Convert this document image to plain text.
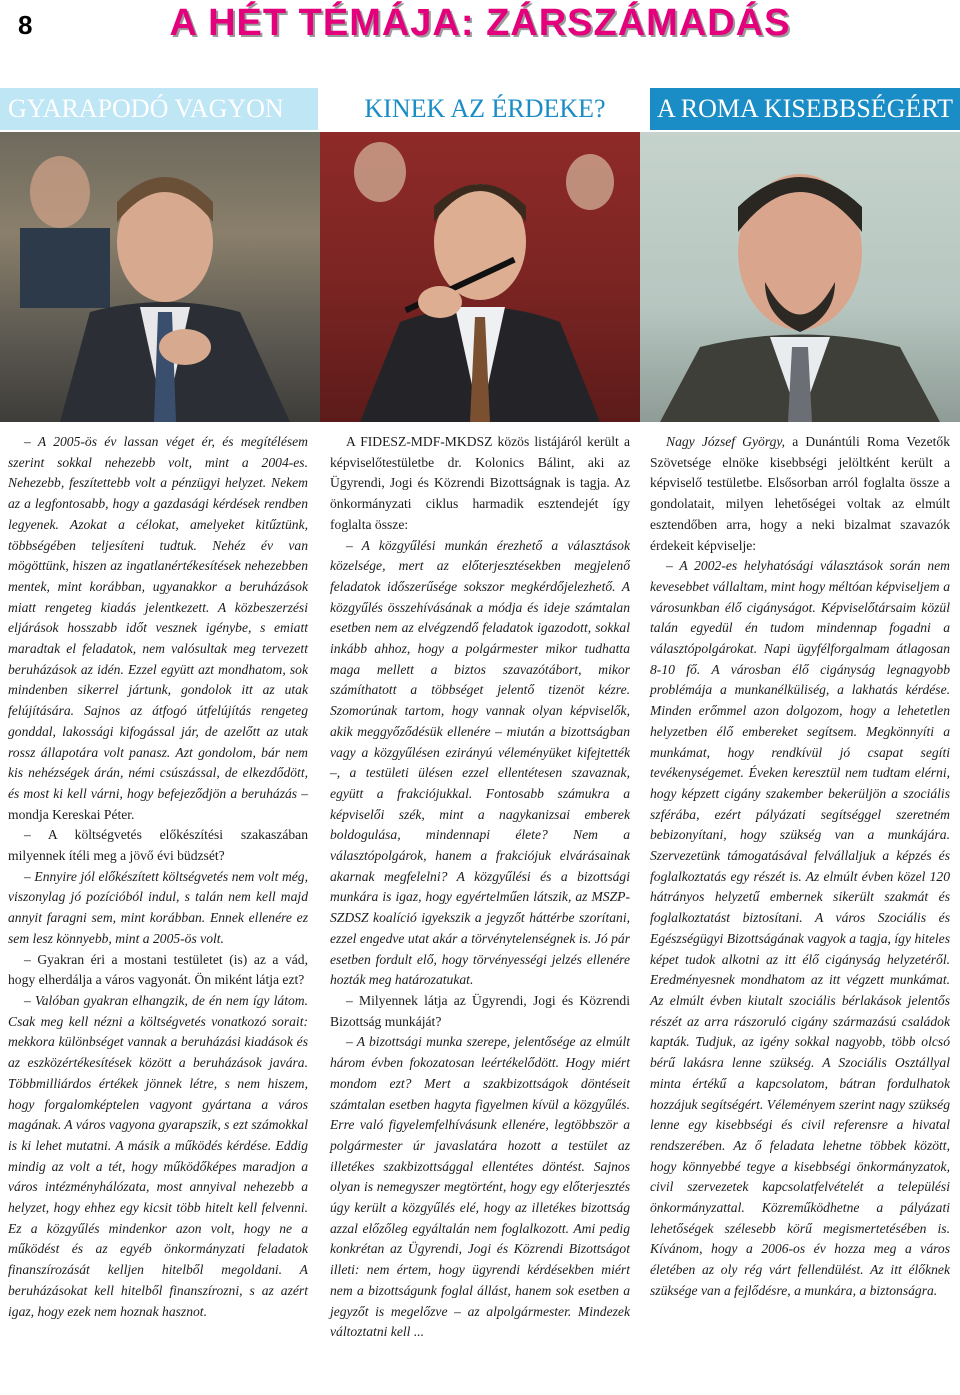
8	A HÉT TÉMÁJA: ZÁRSZÁMADÁS
GYARAPODÓ VAGYON	KINEK AZ ÉRDEKE?	A ROMA KISEBBSÉGÉRT

– A 2005-ös év lassan véget ér, és megítélésem szerint sokkal nehezebb volt, mint a 2004-es. Nehezebb, feszítettebb volt a pénzügyi helyzet. Nekem az a legfontosabb, hogy a gazdasági kérdések rendben legyenek. Azokat a célokat, amelyeket kitűztünk, többségében teljesíteni tudtuk. Nehéz év van mögöttünk, hiszen az ingatlanértékesítések nehezebben mentek, mint korábban, ugyanakkor a beruházások miatt rengeteg kiadás jelentkezett. A közbeszerzési eljárások hosszabb időt vesznek igénybe, s emiatt maradtak el feladatok, nem valósultak meg tervezett beruházások az idén. Ezzel együtt azt mondhatom, sok mindenben sikerrel jártunk, gondolok itt az utak felújítására. Sajnos az átfogó útfelújítás rengeteg gonddal, lakossági kifogással jár, de azelőtt az utak rossz állapotára volt panasz. Azt gondolom, bár nem kis nehézségek árán, némi csúszással, de elkezdődött, és most ki kell várni, hogy befejeződjön a beruházás – mondja Kereskai Péter.

– A költségvetés előkészítési szakaszában milyennek ítéli meg a jövő évi büdzsét?

– Ennyire jól előkészített költségvetés nem volt még, viszonylag jó pozícióból indul, s talán nem kell majd annyit faragni sem, mint korábban. Ennek ellenére ez sem lesz könnyebb, mint a 2005-ös volt.

– Gyakran éri a mostani testületet (is) az a vád, hogy elherdálja a város vagyonát. Ön miként látja ezt?

– Valóban gyakran elhangzik, de én nem így látom. Csak meg kell nézni a költségvetés vonatkozó sorait: mekkora különbséget vannak a beruházási kiadások és az eszközértékesítések között a beruházások javára. Többmilliárdos értékek jönnek létre, s nem hiszem, hogy forgalomképtelen vagyont gyártana a város magának. A város vagyona gyarapszik, s ezt számokkal is ki lehet mutatni. A másik a működés kérdése. Eddig mindig az volt a tét, hogy működőképes maradjon a város intézményhálózata, most annyival nehezebb a helyzet, hogy ehhez egy kicsit több hitelt kell felvenni. Ez a közgyűlés mindenkor azon volt, hogy ne a működést és az egyéb önkormányzati feladatok finanszírozását kelljen hitelből megoldani. A beruházásokat kell hitelből finanszírozni, s az azért igaz, hogy ezek nem hoznak hasznot.

A FIDESZ-MDF-MKDSZ közös listájáról került a képviselőtestületbe dr. Kolonics Bálint, aki az Ügyrendi, Jogi és Közrendi Bizottságnak is tagja. Az önkormányzati ciklus harmadik esztendejét így foglalta össze:

– A közgyűlési munkán érezhető a választások közelsége, mert az előterjesztésekben megjelenő feladatok időszerűsége sokszor megkérdőjelezhető. A közgyűlés összehívásának a módja és ideje számtalan esetben nem az elvégzendő feladatok igazodott, sokkal inkább ahhoz, hogy a polgármester mikor tudhatta maga mellett a biztos szavazótábort, mikor számíthatott a többséget jelentő tizenöt kézre. Szomorúnak tartom, hogy vannak olyan képviselők, akik meggyőződésük ellenére – miután a bizottságban vagy a közgyűlésen ezirányú véleményüket kifejtették –, a testületi ülésen ezzel ellentétesen szavaznak, együtt a frakciójukkal. Fontosabb számukra a képviselői szék, mint a nagykanizsai emberek boldogulása, mindennapi élete? Nem a választópolgárok, hanem a frakciójuk elvárásainak akarnak megfelelni? A közgyűlési és a bizottsági munkára is igaz, hogy egyértelműen látszik, az MSZP-SZDSZ koalíció igyekszik a jegyzőt háttérbe szorítani, ezzel engedve utat akár a törvénytelenségnek is. Jó pár esetben fordult elő, hogy törvényességi jelzés ellenére hozták meg határozatukat.

– Milyennek látja az Ügyrendi, Jogi és Közrendi Bizottság munkáját?

– A bizottsági munka szerepe, jelentősége az elmúlt három évben fokozatosan leértékelődött. Hogy miért mondom ezt? Mert a szakbizottságok döntéseit számtalan esetben hagyta figyelmen kívül a közgyűlés. Erre való figyelemfelhívásunk ellenére, legtöbbször a polgármester úr javaslatára hozott a testület az illetékes szakbizottsággal ellentétes döntést. Sajnos olyan is nemegyszer megtörtént, hogy egy előterjesztés úgy került a közgyűlés elé, hogy az illetékes bizottság azzal előzőleg egyáltalán nem foglalkozott. Ami pedig konkrétan az Ügyrendi, Jogi és Közrendi Bizottságot illeti: nem értem, hogy ügyrendi kérdésekben miért nem a bizottságunk foglal állást, hanem sok esetben a jegyzőt is megelőzve – az alpolgármester. Mindezek változtatni kell ...

Nagy József György, a Dunántúli Roma Vezetők Szövetsége elnöke kisebbségi jelöltként került a képviselő testületbe. Elsősorban arról foglalta össze a gondolatait, milyen lehetőségei voltak az elmúlt esztendőben arra, hogy a neki bizalmat szavazók érdekeit képviselje:

– A 2002-es helyhatósági választások során nem kevesebbet vállaltam, mint hogy méltóan képviseljem a városunkban élő cigányságot. Képviselőtársaim közül talán egyedül én tudom mindennap fogadni a választópolgárokat. Napi ügyfélforgalmam átlagosan 8-10 fő. A városban élő cigányság legnagyobb problémája a munkanélküliség, a lakhatás kérdése. Minden erőmmel azon dolgozom, hogy a lehetetlen helyzetben élő embereket segítsem. Megkönnyíti a munkámat, hogy rendkívül jó csapat segíti tevékenységemet. Éveken keresztül nem tudtam elérni, hogy képzett cigány szakember bekerüljön a szociális szférába, ezért pályázati segítséggel szeretném bebizonyítani, hogy szükség van a munkájára. Szervezetünk támogatásával felvállaljuk a képzés és foglalkoztatás egy részét is. Az elmúlt évben közel 120 hátrányos helyzetű embernek sikerült szakmát és foglalkoztatást biztosítani. A város Szociális és Egészségügyi Bizottságának vagyok a tagja, így hiteles képet tudok alkotni az itt élő cigányság helyzetéről. Eredményesnek mondhatom az itt végzett munkámat. Az elmúlt évben kiutalt szociális bérlakások jelentős részét az arra rászoruló cigány származású családok kapták. Tudjuk, az igény sokkal nagyobb, több olcsó bérű lakásra lenne szükség. A Szociális Osztállyal minta értékű a kapcsolatom, bátran fordulhatok hozzájuk segítségért. Véleményem szerint nagy szükség lenne egy kisebbségi és civil referensre a hivatal rendszerében. Az ő feladata lehetne többek között, hogy könnyebbé tegye a kisebbségi önkormányzatok, civil szervezetek kapcsolatfelvételét a települési önkormányzattal. Közreműködhetne a pályázati lehetőségek szélesebb körű megismertetésében is. Kívánom, hogy a 2006-os év hozza meg a város életében az oly rég várt fellendülést. Az itt élőknek szüksége van a fejlődésre, a munkára, a biztonságra.
